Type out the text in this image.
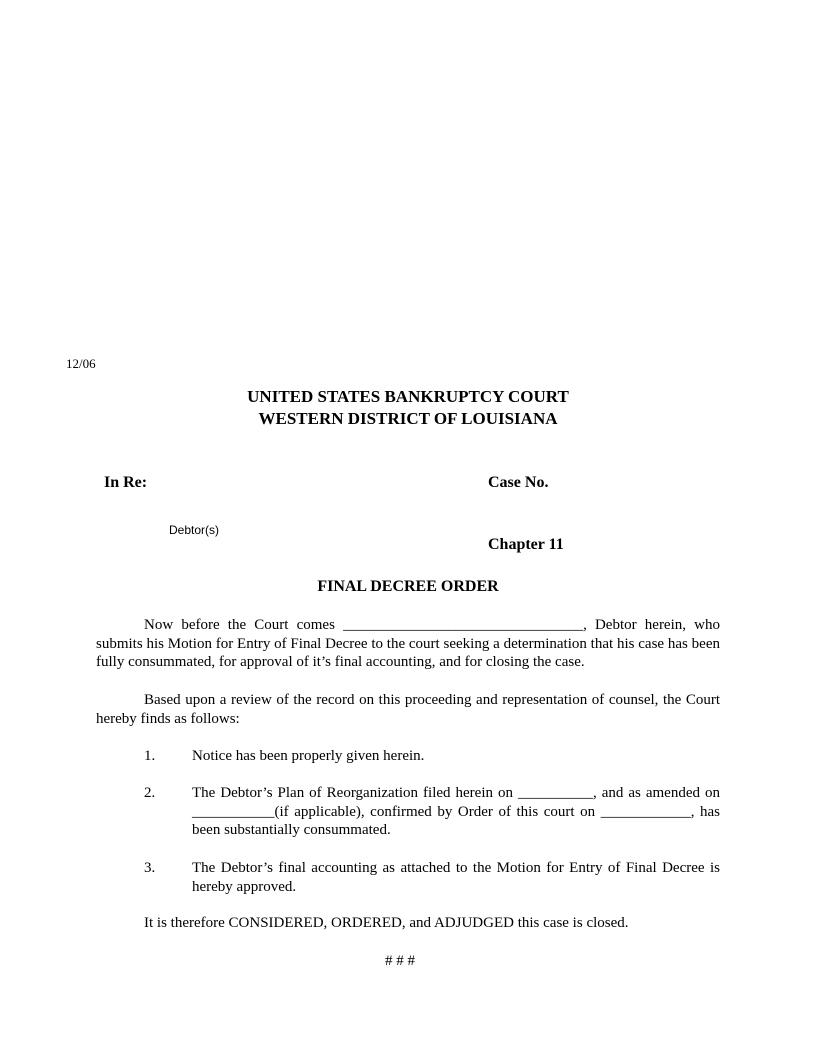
12/06
UNITED STATES BANKRUPTCY COURT
WESTERN DISTRICT OF LOUISIANA
In Re:	Case No.
Debtor(s)
Chapter 11
FINAL DECREE ORDER
Now before the Court comes ________________________________, Debtor herein, who submits his Motion for Entry of Final Decree to the court seeking a determination that his case has been fully consummated, for approval of it’s final accounting, and for closing the case.
Based upon a review of the record on this proceeding and representation of counsel, the Court hereby finds as follows:
1.	Notice has been properly given herein.
2.	The Debtor’s Plan of Reorganization filed herein on __________, and as amended on ___________(if applicable), confirmed by Order of this court on ____________, has been substantially consummated.
3.	The Debtor’s final accounting as attached to the Motion for Entry of Final Decree is hereby approved.
It is therefore CONSIDERED, ORDERED, and ADJUDGED this case is closed.
# # #
